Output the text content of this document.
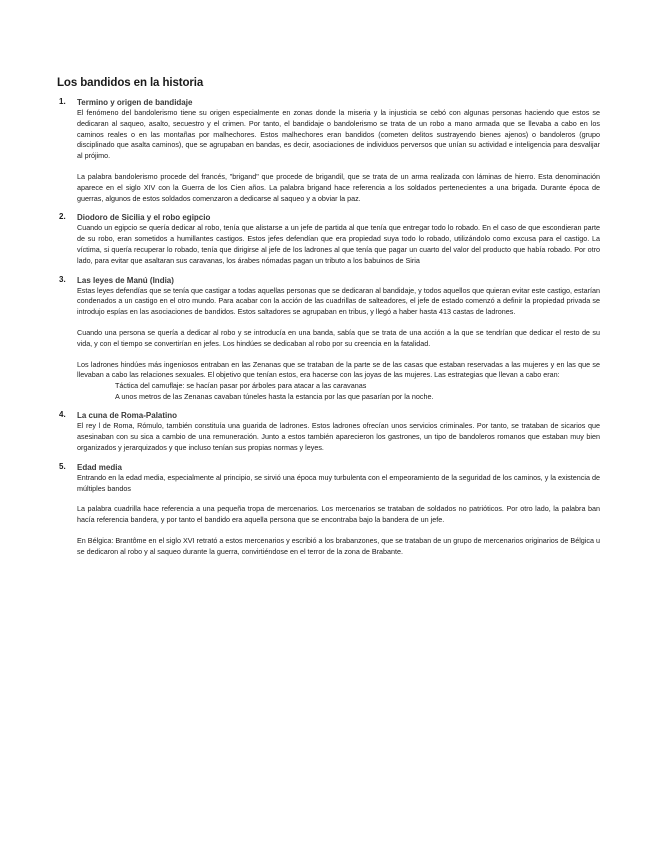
Los bandidos en la historia
1. Termino y origen de bandidaje

El fenómeno del bandolerismo tiene su origen especialmente en zonas donde la miseria y la injusticia se cebó con algunas personas haciendo que estos se dedicaran al saqueo, asalto, secuestro y el crimen. Por tanto, el bandidaje o bandolerismo se trata de un robo a mano armada que se llevaba a cabo en los caminos reales o en las montañas por malhechores. Estos malhechores eran bandidos (cometen delitos sustrayendo bienes ajenos) o bandoleros (grupo disciplinado que asalta caminos), que se agrupaban en bandas, es decir, asociaciones de individuos perversos que unían su actividad e inteligencia para desvalijar al prójimo.

La palabra bandolerismo procede del francés, "brigand" que procede de brigandil, que se trata de un arma realizada con láminas de hierro. Esta denominación aparece en el siglo XIV con la Guerra de los Cien años. La palabra brigand hace referencia a los soldados pertenecientes a una brigada. Durante época de guerras, algunos de estos soldados comenzaron a dedicarse al saqueo y a obviar la paz.

2. Diodoro de Sicilia y el robo egipcio

Cuando un egipcio se quería dedicar al robo, tenía que alistarse a un jefe de partida al que tenía que entregar todo lo robado. En el caso de que escondieran parte de su robo, eran sometidos a humillantes castigos. Estos jefes defendían que era propiedad suya todo lo robado, utilizándolo como excusa para el castigo. La víctima, si quería recuperar lo robado, tenía que dirigirse al jefe de los ladrones al que tenía que pagar un cuarto del valor del producto que había robado. Por otro lado, para evitar que asaltaran sus caravanas, los árabes nómadas pagan un tributo a los babuinos de Siria

3. Las leyes de Manú (India)

Estas leyes defendías que se tenía que castigar a todas aquellas personas que se dedicaran al bandidaje, y todos aquellos que quieran evitar este castigo, estarían condenados a un castigo en el otro mundo. Para acabar con la acción de las cuadrillas de salteadores, el jefe de estado comenzó a definir la propiedad privada se introdujo espías en las asociaciones de bandidos. Estos saltadores se agrupaban en tribus, y llegó a haber hasta 413 castas de ladrones.

Cuando una persona se quería a dedicar al robo y se introducía en una banda, sabía que se trata de una acción a la que se tendrían que dedicar el resto de su vida, y con el tiempo se convertirían en jefes. Los hindúes se dedicaban al robo por su creencia en la fatalidad.

Los ladrones hindúes más ingeniosos entraban en las Zenanas que se trataban de la parte se de las casas que estaban reservadas a las mujeres y en las que se llevaban a cabo las relaciones sexuales. El objetivo que tenían estos, era hacerse con las joyas de las mujeres. Las estrategias que llevan a cabo eran:

Táctica del camuflaje: se hacían pasar por árboles para atacar a las caravanas
A unos metros de las Zenanas cavaban túneles hasta la estancia por las que pasarían por la noche.
4. La cuna de Roma-Palatino

El rey l de Roma, Rómulo, también constituía una guarida de ladrones. Estos ladrones ofrecían unos servicios criminales. Por tanto, se trataban de sicarios que asesinaban con su sica a cambio de una remuneración. Junto a estos también aparecieron los gastrones, un tipo de bandoleros romanos que estaban muy bien organizados y jerarquizados y que incluso tenían sus propias normas y leyes.

5. Edad media

Entrando en la edad media, especialmente al principio, se sirvió una época muy turbulenta con el empeoramiento de la seguridad de los caminos, y la existencia de múltiples bandos

La palabra cuadrilla hace referencia a una pequeña tropa de mercenarios. Los mercenarios se trataban de soldados no patrióticos. Por otro lado, la palabra ban hacía referencia bandera, y por tanto el bandido era aquella persona que se encontraba bajo la bandera de un jefe.

En Bélgica: Brantôme en el siglo XVI retrató a estos mercenarios y escribió a los brabanzones, que se trataban de un grupo de mercenarios originarios de Bélgica u se dedicaron al robo y al saqueo durante la guerra, convirtiéndose en el terror de la zona de Brabante.
